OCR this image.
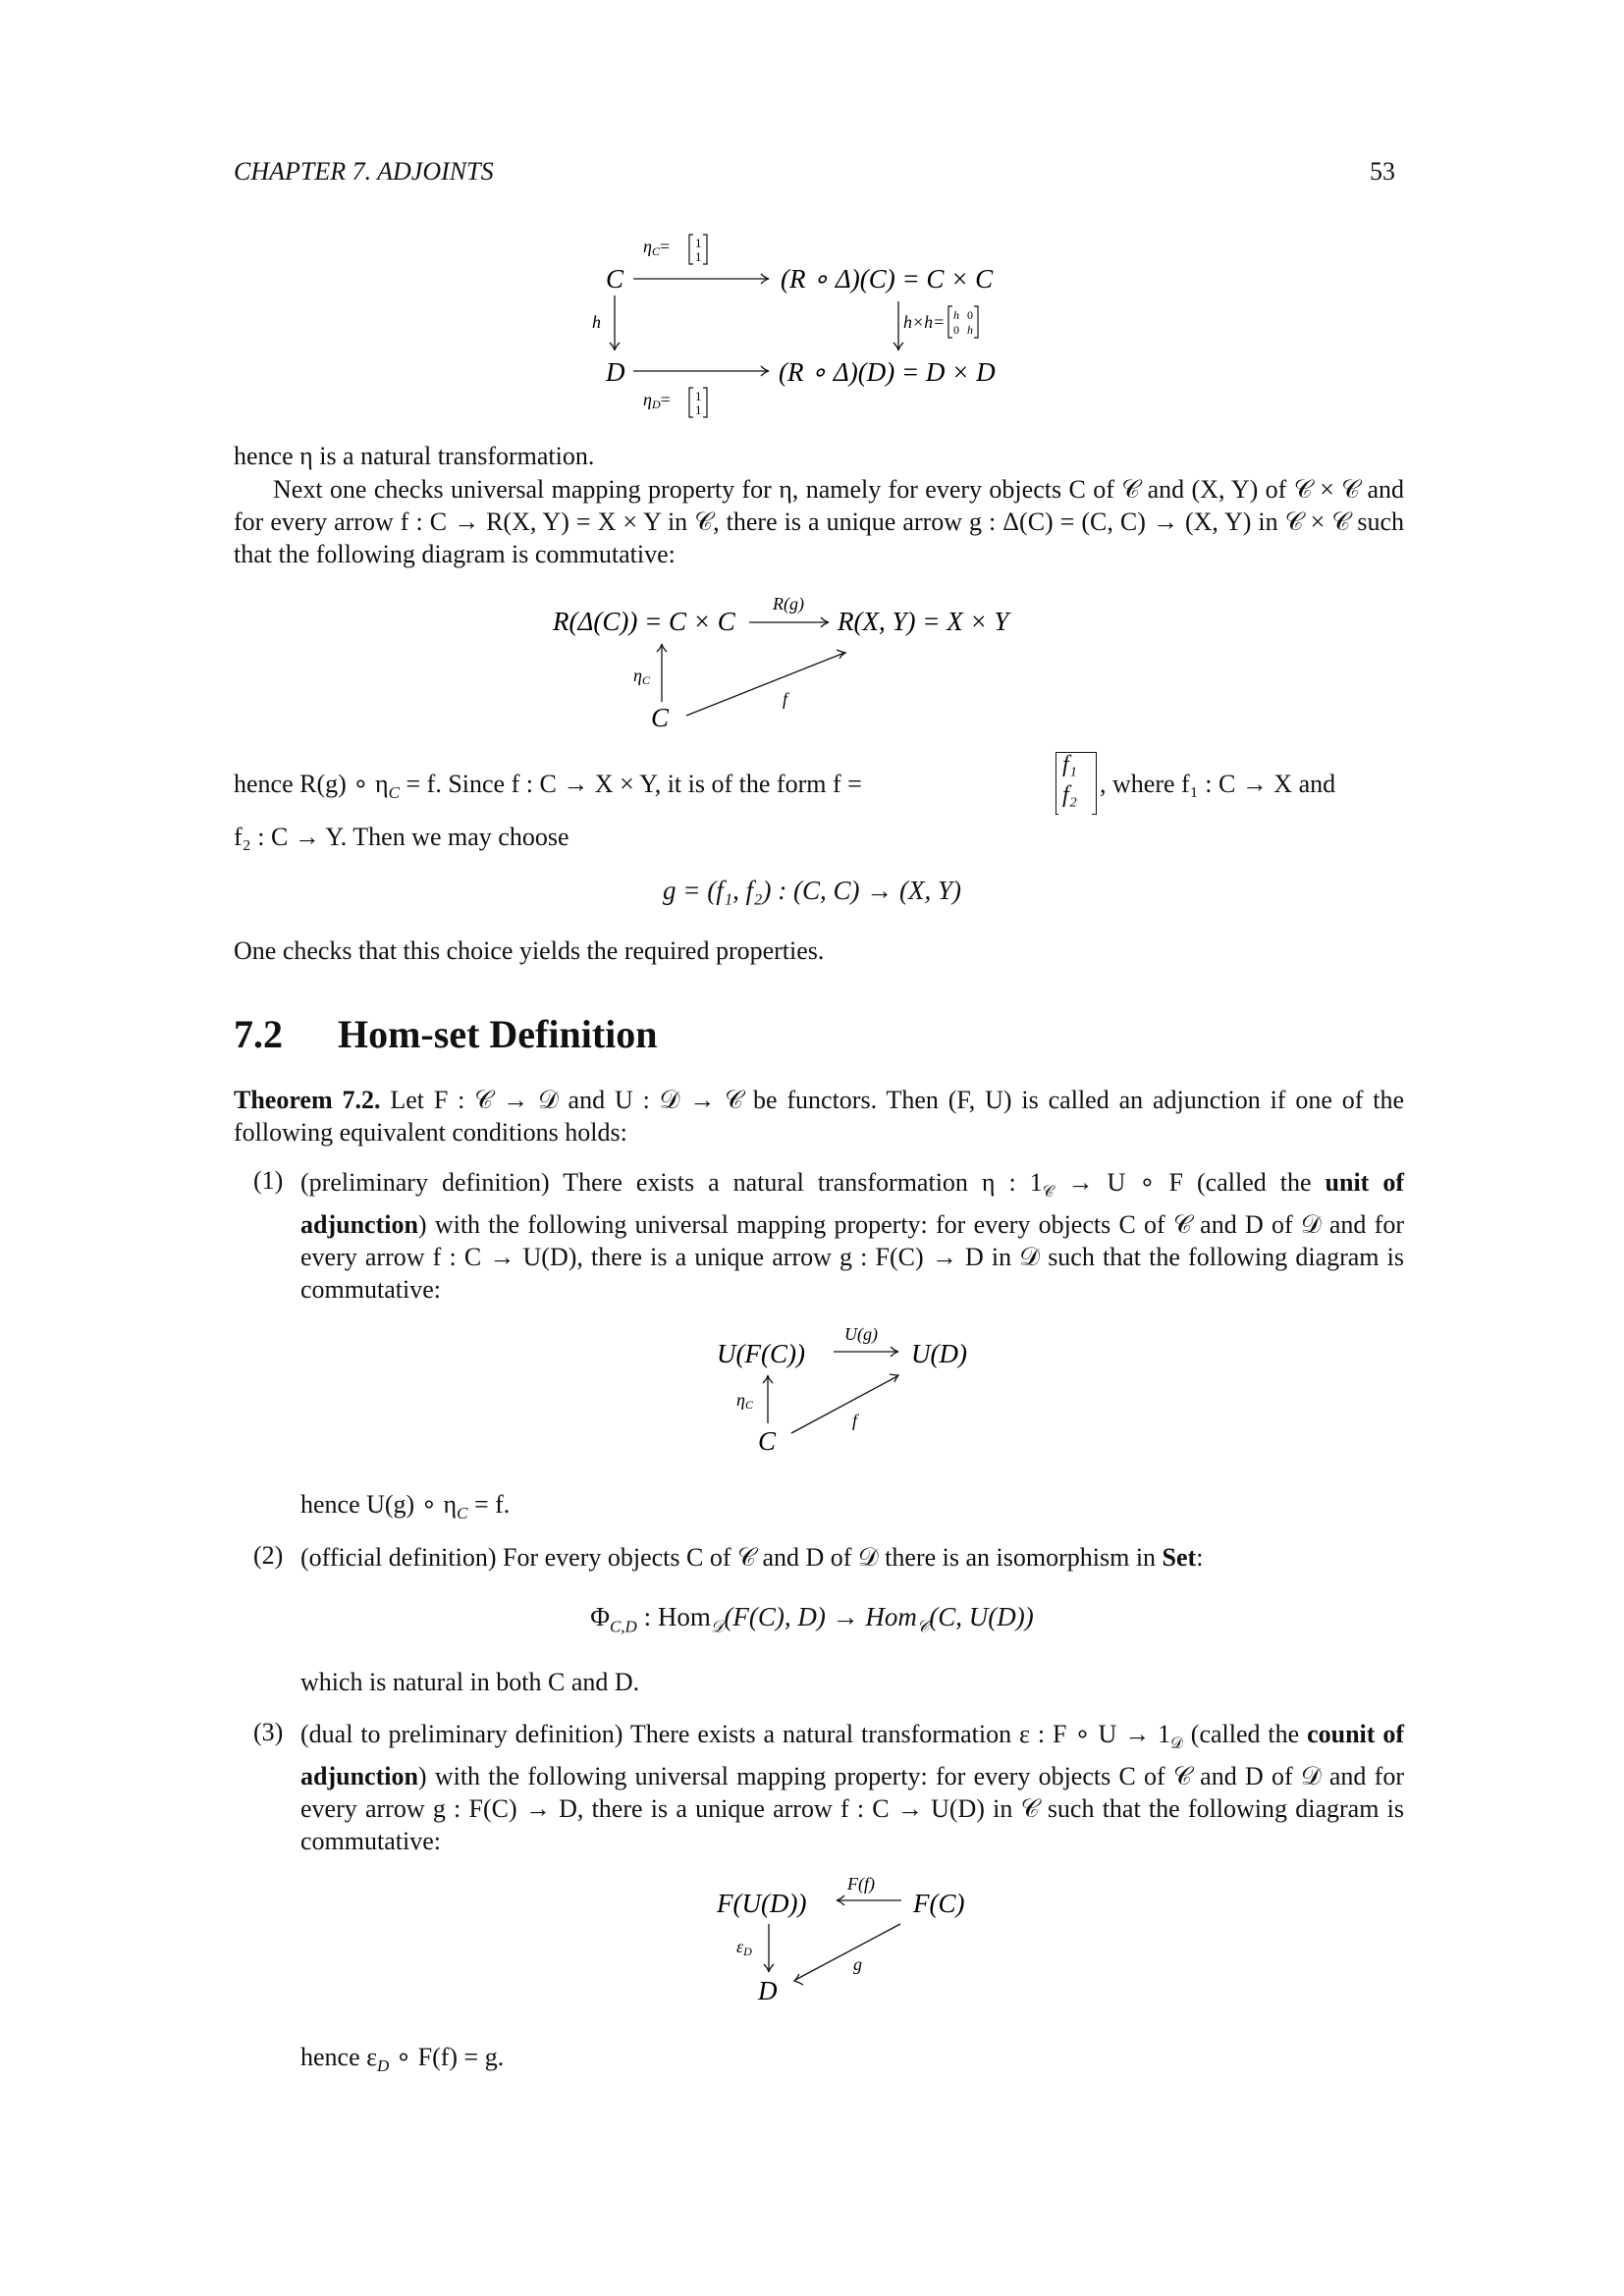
CHAPTER 7. ADJOINTS	53
C	(R ∘ Δ)(C) = C × C
D	(R ∘ Δ)(D) = D × D
ηC= 1
1
ηD= 1
1
h	h×h= h 0
0 h
hence η is a natural transformation.
Next one checks universal mapping property for η, namely for every objects C of 𝒞 and (X, Y) of 𝒞 × 𝒞 and for every arrow f : C → R(X, Y) = X × Y in 𝒞, there is a unique arrow g : Δ(C) = (C, C) → (X, Y) in 𝒞 × 𝒞 such that the following diagram is commutative:
R(Δ(C)) = C × C	R(X, Y) = X × Y
R(g)
C
ηC
f
hence R(g) ∘ $\eta_C = f$. Since f : C → X × Y, it is of the form f =
f₁
f₂ , where f₁ : C → X and
f₂ : C → Y. Then we may choose
g = (f₁, f₂) : (C, C) → (X, Y)
One checks that this choice yields the required properties.
7.2 Hom-set Definition
Theorem 7.2. Let F : 𝒞 → 𝒟 and U : 𝒟 → 𝒞 be functors. Then (F, U) is called an adjunction if one of the following equivalent conditions holds:
(1) (preliminary definition) There exists a natural transformation η : $1_𝒞 \to U$ ∘ F (called the unit of adjunction) with the following universal mapping property: for every objects C of 𝒞 and D of 𝒟 and for every arrow f : C → U(D), there is a unique arrow g : F(C) → D in 𝒟 such that the following diagram is commutative:
U(F(C))	U(D)
U(g)
C
ηC
f
hence U(g) ∘ $\eta_C = f$.
(2) (official definition) For every objects C of 𝒞 and D of 𝒟 there is an isomorphism in Set:
$\Phi_{C,D}$ : Hom$_𝒟$(F(C), D) → Hom$_𝒞$(C, U(D))
which is natural in both C and D.
(3) (dual to preliminary definition) There exists a natural transformation ε : F ∘ $U \to 1_𝒟$ (called the counit of adjunction) with the following universal mapping property: for every objects C of 𝒞 and D of 𝒟 and for every arrow g : F(C) → D, there is a unique arrow f : C → U(D) in 𝒞 such that the following diagram is commutative:
F(U(D))	F(C)
F(f)
D
εD
g
hence $\varepsilon_D$ ∘ F(f) = g.
